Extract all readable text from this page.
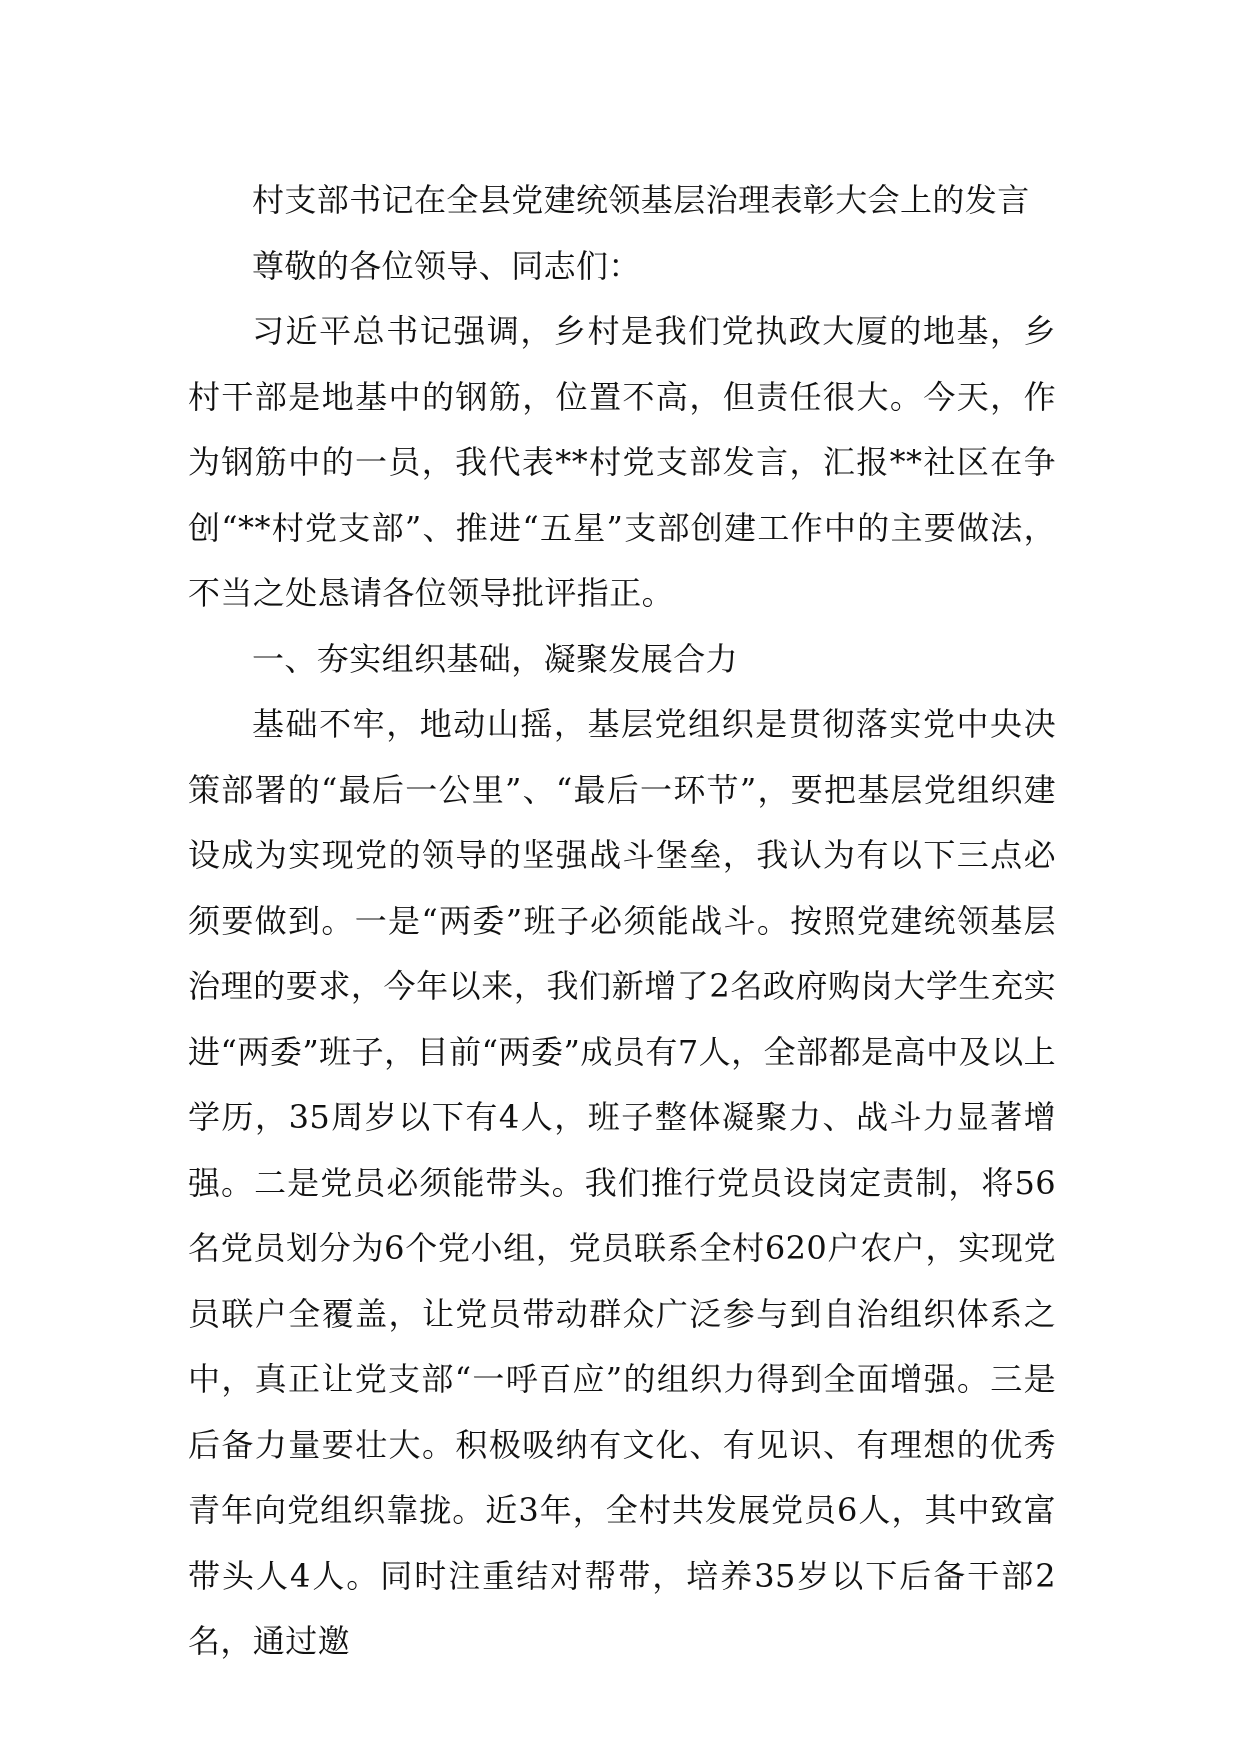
村支部书记在全县党建统领基层治理表彰大会上的发言

尊敬的各位领导、同志们：

习近平总书记强调，乡村是我们党执政大厦的地基，乡村干部是地基中的钢筋，位置不高，但责任很大。今天，作为钢筋中的一员，我代表**村党支部发言，汇报**社区在争创“**村党支部”、推进“五星”支部创建工作中的主要做法，不当之处恳请各位领导批评指正。

一、夯实组织基础，凝聚发展合力

基础不牢，地动山摇，基层党组织是贯彻落实党中央决策部署的“最后一公里”、“最后一环节”，要把基层党组织建设成为实现党的领导的坚强战斗堡垒，我认为有以下三点必须要做到。一是“两委”班子必须能战斗。按照党建统领基层治理的要求，今年以来，我们新增了2名政府购岗大学生充实进“两委”班子，目前“两委”成员有7人，全部都是高中及以上学历，35周岁以下有4人，班子整体凝聚力、战斗力显著增强。二是党员必须能带头。我们推行党员设岗定责制，将56名党员划分为6个党小组，党员联系全村620户农户，实现党员联户全覆盖，让党员带动群众广泛参与到自治组织体系之中，真正让党支部“一呼百应”的组织力得到全面增强。三是后备力量要壮大。积极吸纳有文化、有见识、有理想的优秀青年向党组织靠拢。近3年，全村共发展党员6人，其中致富带头人4人。同时注重结对帮带，培养35岁以下后备干部2名，通过邀
